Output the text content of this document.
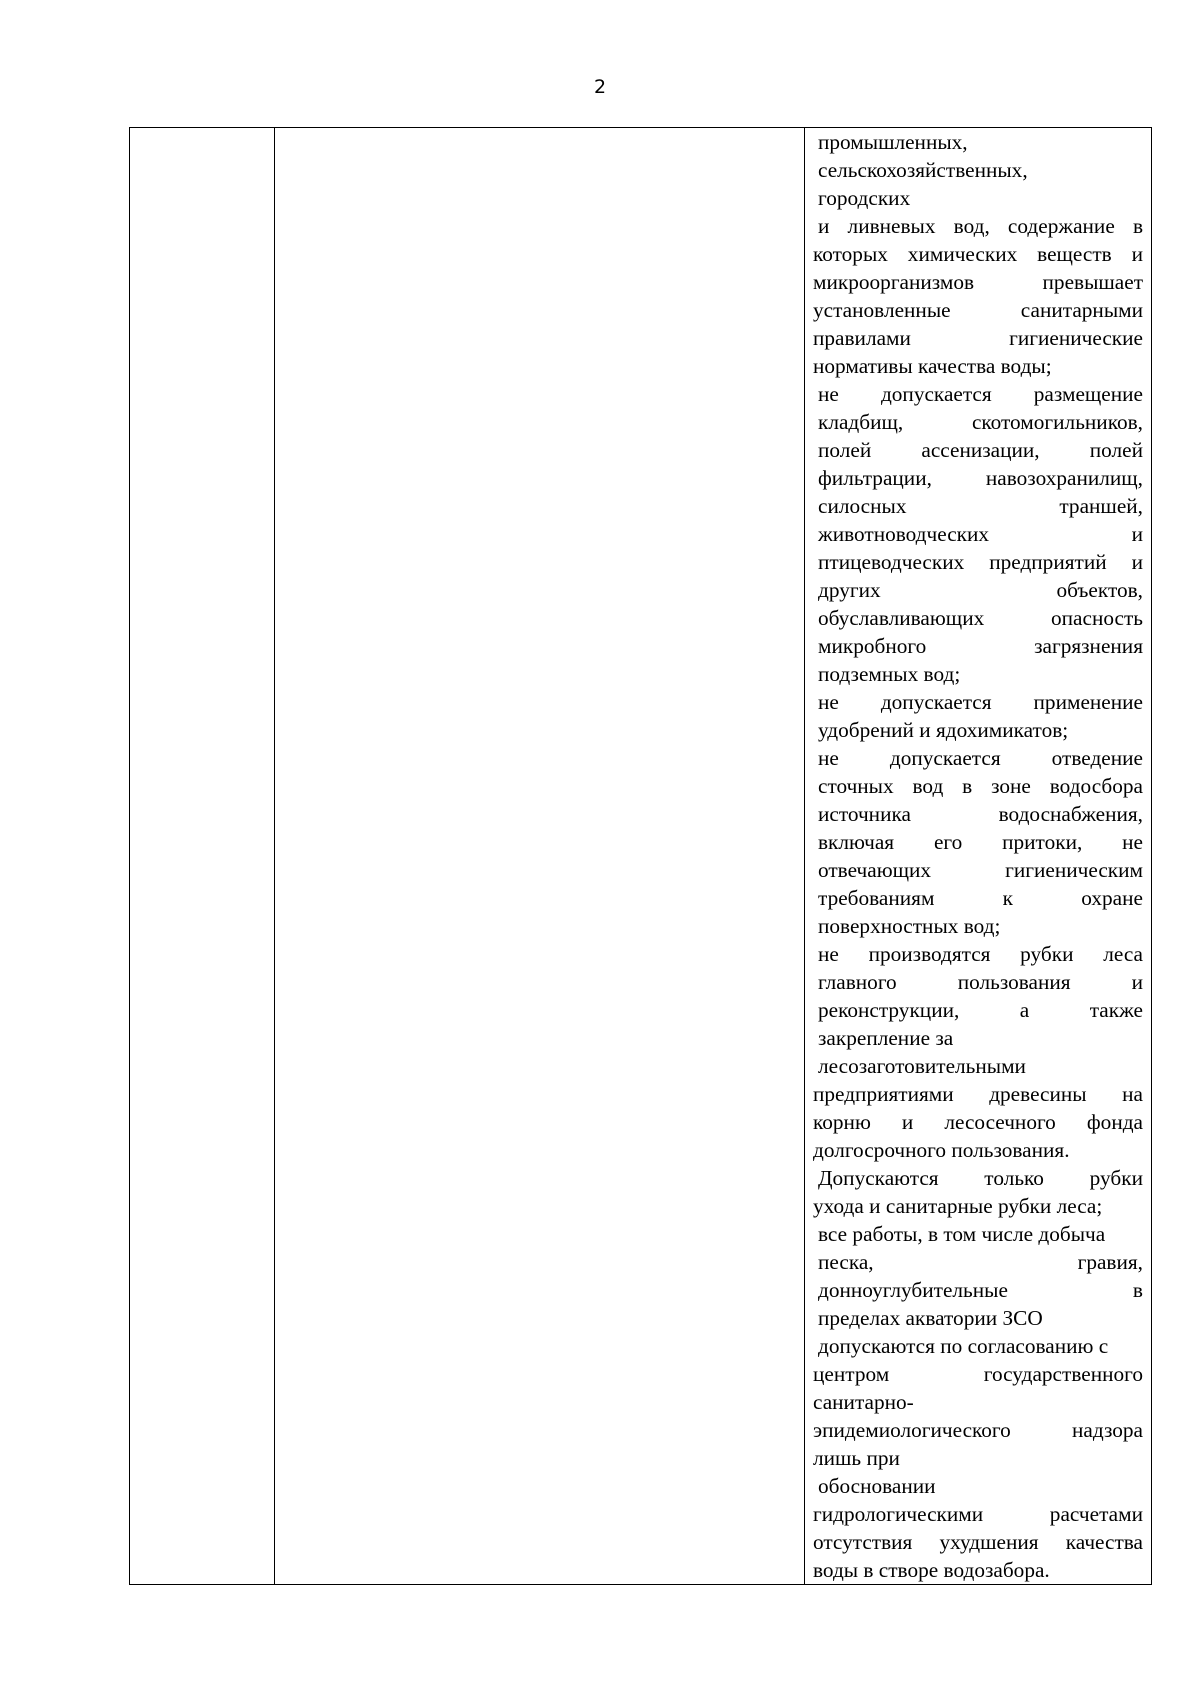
2

промышленных,
сельскохозяйственных,
городских
и ливневых вод, содержание в
которых химических веществ и
микроорганизмов превышает
установленные санитарными
правилами гигиенические
нормативы качества воды;
- не допускается размещение
кладбищ, скотомогильников,
полей ассенизации, полей
фильтрации, навозохранилищ,
силосных траншей,
животноводческих и
птицеводческих предприятий и
других объектов,
обуславливающих опасность
микробного загрязнения
подземных вод;
- не допускается применение
удобрений и ядохимикатов;
- не допускается отведение
сточных вод в зоне водосбора
источника водоснабжения,
включая его притоки, не
отвечающих гигиеническим
требованиям к охране
поверхностных вод;
- не производятся рубки леса
главного пользования и
реконструкции, а также
закрепление за
лесозаготовительными
предприятиями древесины на
корню и лесосечного фонда
долгосрочного пользования.
Допускаются только рубки
ухода и санитарные рубки леса;
- все работы, в том числе добыча
песка, гравия,
донноуглубительные в
пределах акватории ЗСО
допускаются по согласованию с
центром государственного
санитарно-
эпидемиологического надзора
лишь при
обосновании
гидрологическими расчетами
отсутствия ухудшения качества
воды в створе водозабора.
